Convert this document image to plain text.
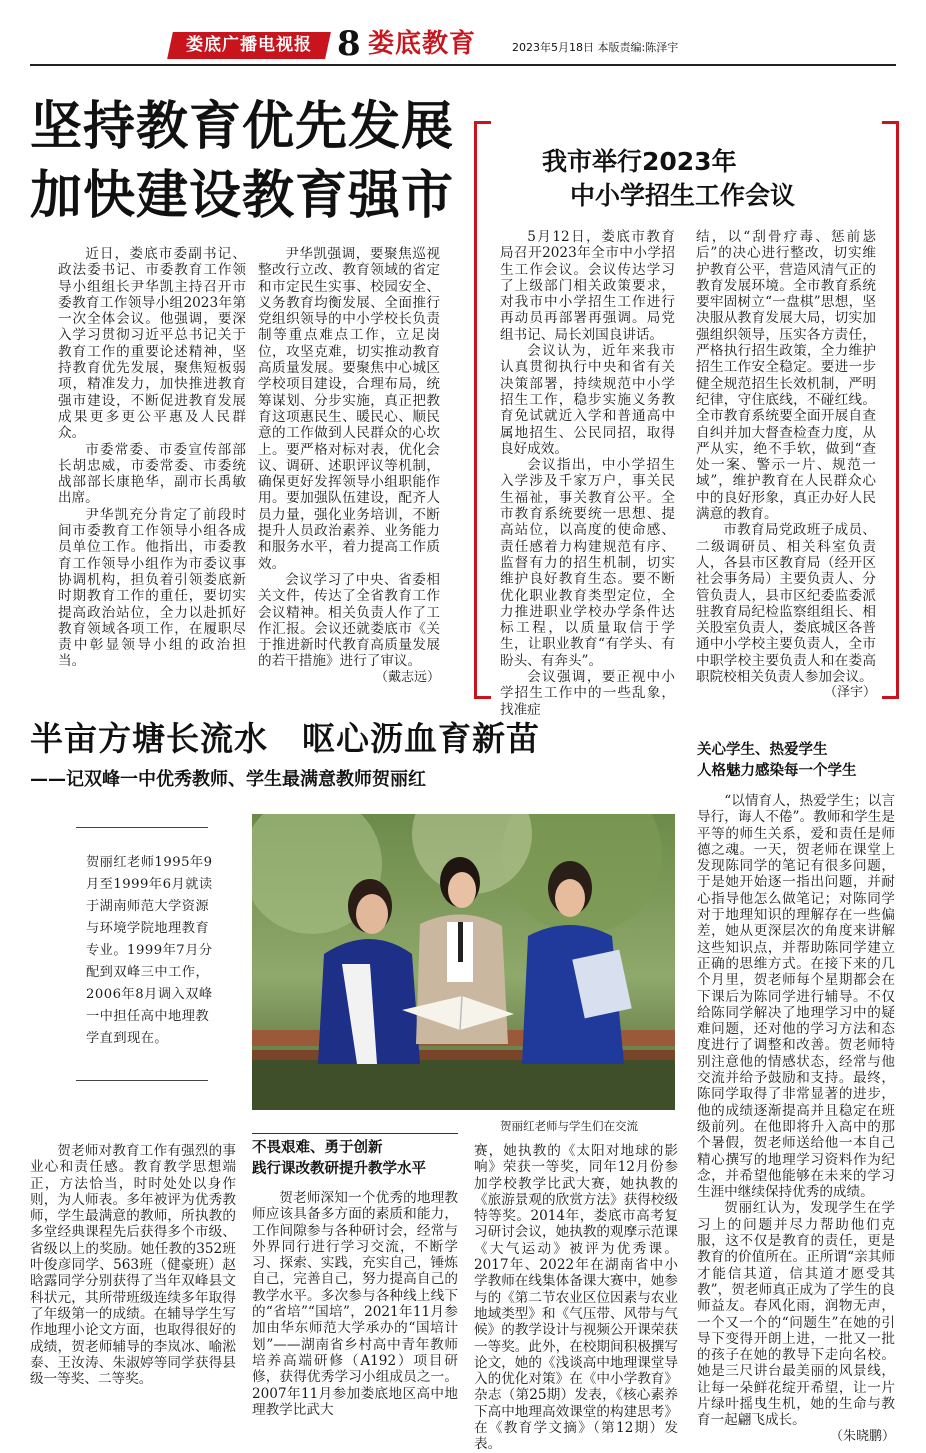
娄底广播电视报 8 娄底教育	2023年5月18日 本版责编:陈泽宇
坚持教育优先发展
加快建设教育强市

近日，娄底市委副书记、政法委书记、市委教育工作领导小组组长尹华凯主持召开市委教育工作领导小组2023年第一次全体会议。他强调，要深入学习贯彻习近平总书记关于教育工作的重要论述精神，坚持教育优先发展，聚焦短板弱项，精准发力，加快推进教育强市建设，不断促进教育发展成果更多更公平惠及人民群众。

市委常委、市委宣传部部长胡忠威，市委常委、市委统战部部长康艳华，副市长禹敏出席。

尹华凯充分肯定了前段时间市委教育工作领导小组各成员单位工作。他指出，市委教育工作领导小组作为市委议事协调机构，担负着引领娄底新时期教育工作的重任，要切实提高政治站位，全力以赴抓好教育领域各项工作，在履职尽责中彰显领导小组的政治担当。

尹华凯强调，要聚焦巡视整改行立改、教育领域的省定和市定民生实事、校园安全、义务教育均衡发展、全面推行党组织领导的中小学校长负责制等重点难点工作，立足岗位，攻坚克难，切实推动教育高质量发展。要聚焦中心城区学校项目建设，合理布局，统筹谋划、分步实施，真正把教育这项惠民生、暖民心、顺民意的工作做到人民群众的心坎上。要严格对标对表，优化会议、调研、述职评议等机制，确保更好发挥领导小组职能作用。要加强队伍建设，配齐人员力量，强化业务培训，不断提升人员政治素养、业务能力和服务水平，着力提高工作质效。

会议学习了中央、省委相关文件，传达了全省教育工作会议精神。相关负责人作了工作汇报。会议还就娄底市《关于推进新时代教育高质量发展的若干措施》进行了审议。

（戴志远）

我市举行2023年
中小学招生工作会议

5月12日，娄底市教育局召开2023年全市中小学招生工作会议。会议传达学习了上级部门相关政策要求，对我市中小学招生工作进行再动员再部署再强调。局党组书记、局长刘国良讲话。

会议认为，近年来我市认真贯彻执行中央和省有关决策部署，持续规范中小学招生工作，稳步实施义务教育免试就近入学和普通高中属地招生、公民同招，取得良好成效。

会议指出，中小学招生入学涉及千家万户，事关民生福祉，事关教育公平。全市教育系统要统一思想、提高站位，以高度的使命感、责任感着力构建规范有序、监督有力的招生机制，切实维护良好教育生态。要不断优化职业教育类型定位，全力推进职业学校办学条件达标工程，以质量取信于学生，让职业教育“有学头、有盼头、有奔头”。

会议强调，要正视中小学招生工作中的一些乱象，找准症

结，以“刮骨疗毒、惩前毖后”的决心进行整改，切实维护教育公平，营造风清气正的教育发展环境。全市教育系统要牢固树立“一盘棋”思想，坚决服从教育发展大局，切实加强组织领导，压实各方责任，严格执行招生政策，全力维护招生工作安全稳定。要进一步健全规范招生长效机制，严明纪律，守住底线，不碰红线。全市教育系统要全面开展自查自纠并加大督查检查力度，从严从实，绝不手软，做到“查处一案、警示一片、规范一域”，维护教育在人民群众心中的良好形象，真正办好人民满意的教育。

市教育局党政班子成员、二级调研员、相关科室负责人，各县市区教育局（经开区社会事务局）主要负责人、分管负责人，县市区纪委监委派驻教育局纪检监察组组长、相关股室负责人，娄底城区各普通中小学校主要负责人，全市中职学校主要负责人和在娄高职院校相关负责人参加会议。

（泽宇）

半亩方塘长流水　呕心沥血育新苗
——记双峰一中优秀教师、学生最满意教师贺丽红
贺丽红老师1995年9月至1999年6月就读于湖南师范大学资源与环境学院地理教育专业。1999年7月分配到双峰三中工作，2006年8月调入双峰一中担任高中地理教学直到现在。
贺丽红老师与学生们在交流
关心学生、热爱学生
人格魅力感染每一个学生

“以情育人，热爱学生；以言导行，诲人不倦”。教师和学生是平等的师生关系，爱和责任是师德之魂。一天，贺老师在课堂上发现陈同学的笔记有很多问题，于是她开始逐一指出问题，并耐心指导他怎么做笔记；对陈同学对于地理知识的理解存在一些偏差，她从更深层次的角度来讲解这些知识点，并帮助陈同学建立正确的思维方式。在接下来的几个月里，贺老师每个星期都会在下课后为陈同学进行辅导。不仅给陈同学解决了地理学习中的疑难问题，还对他的学习方法和态度进行了调整和改善。贺老师特别注意他的情感状态，经常与他交流并给予鼓励和支持。最终，陈同学取得了非常显著的进步，他的成绩逐渐提高并且稳定在班级前列。在他即将升入高中的那个暑假，贺老师送给他一本自己精心撰写的地理学习资料作为纪念，并希望他能够在未来的学习生涯中继续保持优秀的成绩。

贺丽红认为，发现学生在学习上的问题并尽力帮助他们克服，这不仅是教育的责任，更是教育的价值所在。正所谓“亲其师才能信其道，信其道才愿受其教”，贺老师真正成为了学生的良师益友。春风化雨，润物无声，一个又一个的“问题生”在她的引导下变得开朗上进，一批又一批的孩子在她的教导下走向名校。她是三尺讲台最美丽的风景线，让每一朵鲜花绽开希望，让一片片绿叶摇曳生机，她的生命与教育一起翩飞成长。

（朱晓鹏）

贺老师对教育工作有强烈的事业心和责任感。教育教学思想端正，方法恰当，时时处处以身作则，为人师表。多年被评为优秀教师，学生最满意的教师，所执教的多堂经典课程先后获得多个市级、省级以上的奖励。她任教的352班叶俊彦同学、563班（健豪班）赵晗露同学分别获得了当年双峰县文科状元，其所带班级连续多年取得了年级第一的成绩。在辅导学生写作地理小论文方面，也取得很好的成绩，贺老师辅导的李岚冰、喻淞泰、王汝涛、朱淑婷等同学获得县级一等奖、二等奖。

不畏艰难、勇于创新
践行课改教研提升教学水平

贺老师深知一个优秀的地理教师应该具备多方面的素质和能力，工作间隙参与各种研讨会，经常与外界同行进行学习交流，不断学习、探索、实践，充实自己，锤炼自己，完善自己，努力提高自己的教学水平。多次参与各种线上线下的“省培”“国培”，2021年11月参加由华东师范大学承办的“国培计划”——湖南省乡村高中青年教师培养高端研修（A192）项目研修，获得优秀学习小组成员之一。2007年11月参加娄底地区高中地理教学比武大

赛，她执教的《太阳对地球的影响》荣获一等奖，同年12月份参加学校教学比武大赛，她执教的《旅游景观的欣赏方法》获得校级特等奖。2014年，娄底市高考复习研讨会议，她执教的观摩示范课《大气运动》被评为优秀课。2017年、2022年在湖南省中小学教师在线集体备课大赛中，她参与的《第二节农业区位因素与农业地域类型》和《气压带、风带与气候》的教学设计与视频公开课荣获一等奖。此外，在校期间积极撰写论文，她的《浅谈高中地理课堂导入的优化对策》在《中小学教育》杂志（第25期）发表，《核心素养下高中地理高效课堂的构建思考》在《教育学文摘》（第12期）发表。
